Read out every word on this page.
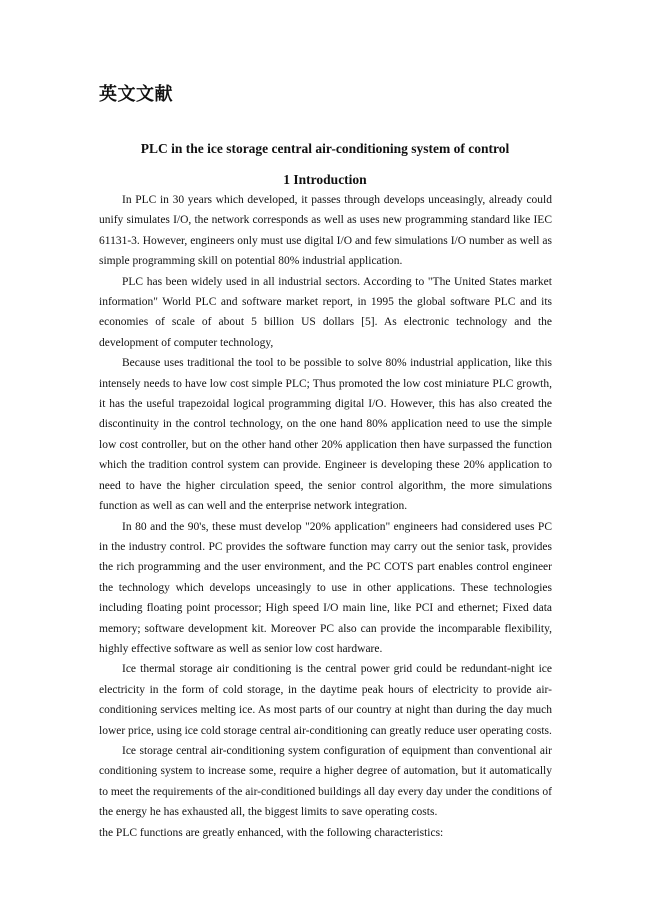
英文文献
PLC in the ice storage central air-conditioning system of control
1 Introduction

In PLC in 30 years which developed, it passes through develops unceasingly, already could unify simulates I/O, the network corresponds as well as uses new programming standard like IEC 61131-3. However, engineers only must use digital I/O and few simulations I/O number as well as simple programming skill on potential 80% industrial application.

PLC has been widely used in all industrial sectors. According to "The United States market information" World PLC and software market report, in 1995 the global software PLC and its economies of scale of about 5 billion US dollars [5]. As electronic technology and the development of computer technology,

Because uses traditional the tool to be possible to solve 80% industrial application, like this intensely needs to have low cost simple PLC; Thus promoted the low cost miniature PLC growth, it has the useful trapezoidal logical programming digital I/O. However, this has also created the discontinuity in the control technology, on the one hand 80% application need to use the simple low cost controller, but on the other hand other 20% application then have surpassed the function which the tradition control system can provide. Engineer is developing these 20% application to need to have the higher circulation speed, the senior control algorithm, the more simulations function as well as can well and the enterprise network integration.

In 80 and the 90's, these must develop "20% application" engineers had considered uses PC in the industry control. PC provides the software function may carry out the senior task, provides the rich programming and the user environment, and the PC COTS part enables control engineer the technology which develops unceasingly to use in other applications. These technologies including floating point processor; High speed I/O main line, like PCI and ethernet; Fixed data memory; software development kit. Moreover PC also can provide the incomparable flexibility, highly effective software as well as senior low cost hardware.

Ice thermal storage air conditioning is the central power grid could be redundant-night ice electricity in the form of cold storage, in the daytime peak hours of electricity to provide air-conditioning services melting ice. As most parts of our country at night than during the day much lower price, using ice cold storage central air-conditioning can greatly reduce user operating costs.

Ice storage central air-conditioning system configuration of equipment than conventional air conditioning system to increase some, require a higher degree of automation, but it automatically to meet the requirements of the air-conditioned buildings all day every day under the conditions of the energy he has exhausted all, the biggest limits to save operating costs.

the PLC functions are greatly enhanced, with the following characteristics:
